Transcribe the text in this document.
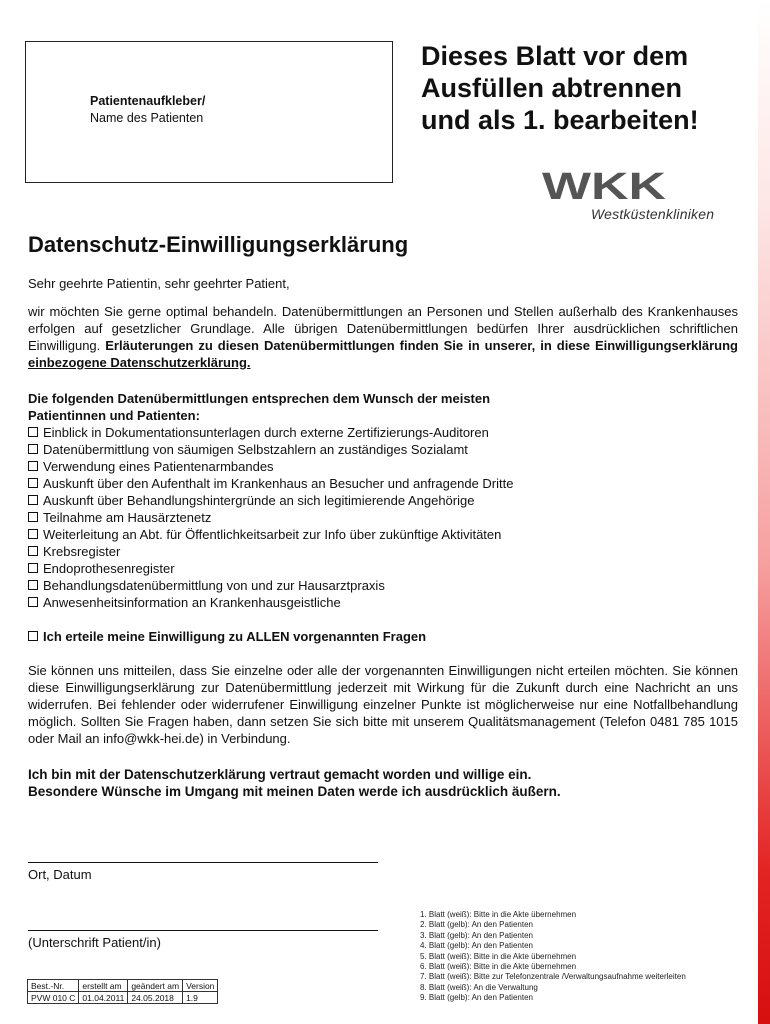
Patientenaufkleber/
Name des Patienten
Dieses Blatt vor dem
Ausfüllen abtrennen
und als 1. bearbeiten!
WKK
Westküstenkliniken
Datenschutz-Einwilligungserklärung
Sehr geehrte Patientin, sehr geehrter Patient,
wir möchten Sie gerne optimal behandeln. Datenübermittlungen an Personen und Stellen außerhalb des Krankenhauses erfolgen auf gesetzlicher Grundlage. Alle übrigen Datenübermittlungen bedürfen Ihrer ausdrücklichen schriftlichen Einwilligung. Erläuterungen zu diesen Datenübermittlungen finden Sie in unserer, in diese Einwilligungserklärung einbezogene Datenschutzerklärung.
Die folgenden Datenübermittlungen entsprechen dem Wunsch der meisten
Patientinnen und Patienten:
Einblick in Dokumentationsunterlagen durch externe Zertifizierungs-Auditoren
Datenübermittlung von säumigen Selbstzahlern an zuständiges Sozialamt
Verwendung eines Patientenarmbandes
Auskunft über den Aufenthalt im Krankenhaus an Besucher und anfragende Dritte
Auskunft über Behandlungshintergründe an sich legitimierende Angehörige
Teilnahme am Hausärztenetz
Weiterleitung an Abt. für Öffentlichkeitsarbeit zur Info über zukünftige Aktivitäten
Krebsregister
Endoprothesenregister
Behandlungsdatenübermittlung von und zur Hausarztpraxis
Anwesenheitsinformation an Krankenhausgeistliche
Ich erteile meine Einwilligung zu ALLEN vorgenannten Fragen
Sie können uns mitteilen, dass Sie einzelne oder alle der vorgenannten Einwilligungen nicht erteilen möchten. Sie können diese Einwilligungserklärung zur Datenübermittlung jederzeit mit Wirkung für die Zukunft durch eine Nachricht an uns widerrufen. Bei fehlender oder widerrufener Einwilligung einzelner Punkte ist möglicherweise nur eine Notfallbehandlung möglich. Sollten Sie Fragen haben, dann setzen Sie sich bitte mit unserem Qualitätsmanagement (Telefon 0481 785 1015 oder Mail an info@wkk-hei.de) in Verbindung.
Ich bin mit der Datenschutzerklärung vertraut gemacht worden und willige ein.
Besondere Wünsche im Umgang mit meinen Daten werde ich ausdrücklich äußern.
Ort, Datum
(Unterschrift Patient/in)
Best.-Nr.	erstellt am	geändert am	Version
PVW 010 C	01.04.2011	24.05.2018	1.9
1. Blatt (weiß): Bitte in die Akte übernehmen
2. Blatt (gelb): An den Patienten
3. Blatt (gelb): An den Patienten
4. Blatt (gelb): An den Patienten
5. Blatt (weiß): Bitte in die Akte übernehmen
6. Blatt (weiß): Bitte in die Akte übernehmen
7. Blatt (weiß): Bitte zur Telefonzentrale /Verwaltungsaufnahme weiterleiten
8. Blatt (weiß): An die Verwaltung
9. Blatt (gelb): An den Patienten
